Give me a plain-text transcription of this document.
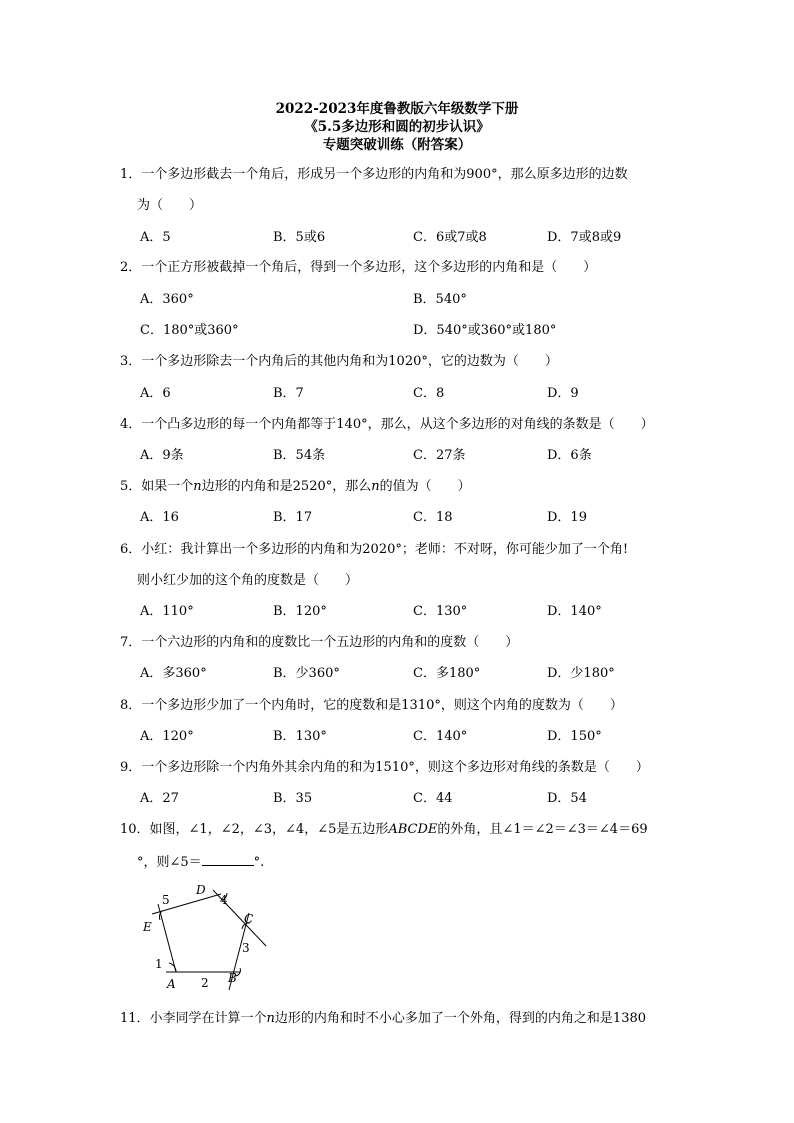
2022-2023年度鲁教版六年级数学下册
《5.5多边形和圆的初步认识》
专题突破训练（附答案）
1．一个多边形截去一个角后，形成另一个多边形的内角和为900°，那么原多边形的边数
为（　　）
A．5	B．5或6	C．6或7或8	D．7或8或9
2．一个正方形被截掉一个角后，得到一个多边形，这个多边形的内角和是（　　）
A．360°	B．540°
C．180°或360°	D．540°或360°或180°
3．一个多边形除去一个内角后的其他内角和为1020°，它的边数为（　　）
A．6	B．7	C．8	D．9
4．一个凸多边形的每一个内角都等于140°，那么，从这个多边形的对角线的条数是（　　）
A．9条	B．54条	C．27条	D．6条
5．如果一个n边形的内角和是2520°，那么n的值为（　　）
A．16	B．17	C．18	D．19
6．小红：我计算出一个多边形的内角和为2020°；老师：不对呀，你可能少加了一个角!
则小红少加的这个角的度数是（　　）
A．110°	B．120°	C．130°	D．140°
7．一个六边形的内角和的度数比一个五边形的内角和的度数（　　）
A．多360°	B．少360°	C．多180°	D．少180°
8．一个多边形少加了一个内角时，它的度数和是1310°，则这个内角的度数为（　　）
A．120°	B．130°	C．140°	D．150°
9．一个多边形除一个内角外其余内角的和为1510°，则这个多边形对角线的条数是（　　）
A．27	B．35	C．44	D．54
10．如图，∠1，∠2，∠3，∠4，∠5是五边形ABCDE的外角，且∠1＝∠2＝∠3＝∠4＝69
°，则∠5＝	°.
A	B
C
D
E
1
2
3
4
5
11．小李同学在计算一个n边形的内角和时不小心多加了一个外角，得到的内角之和是1380
